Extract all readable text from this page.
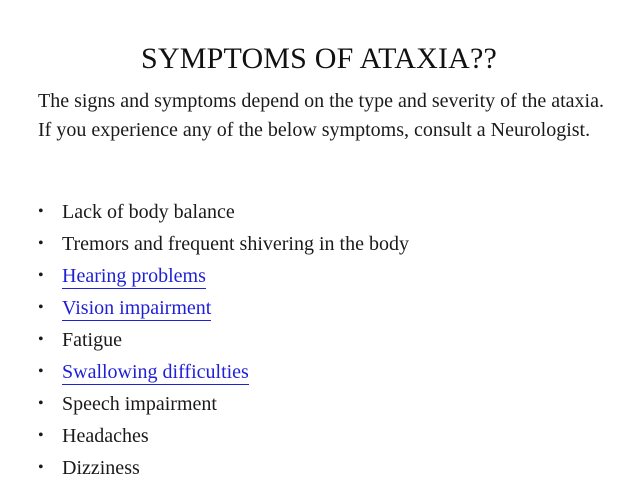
SYMPTOMS OF ATAXIA??
The signs and symptoms depend on the type and severity of the ataxia. If you experience any of the below symptoms, consult a Neurologist.
• Lack of body balance
• Tremors and frequent shivering in the body
• Hearing problems
• Vision impairment
• Fatigue
• Swallowing difficulties
• Speech impairment
• Headaches
• Dizziness
